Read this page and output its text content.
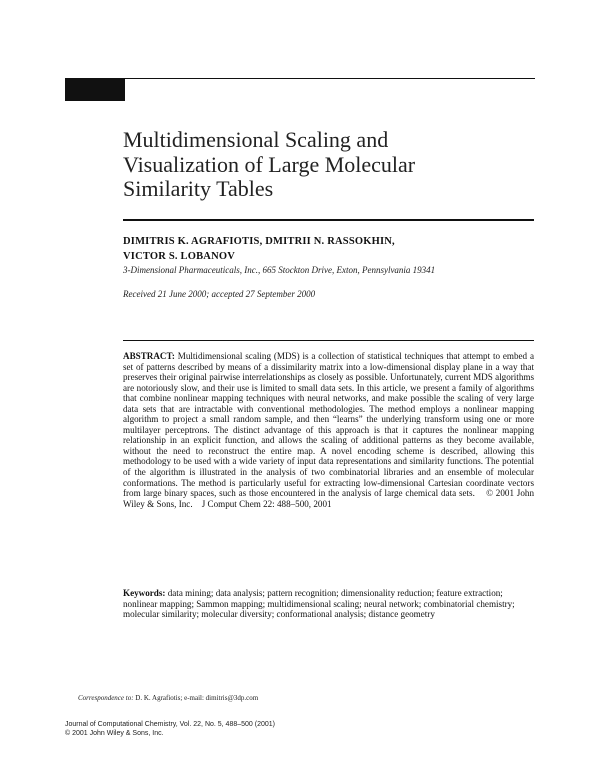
Multidimensional Scaling and
Visualization of Large Molecular
Similarity Tables
DIMITRIS K. AGRAFIOTIS, DMITRII N. RASSOKHIN,
VICTOR S. LOBANOV
3-Dimensional Pharmaceuticals, Inc., 665 Stockton Drive, Exton, Pennsylvania 19341
Received 21 June 2000; accepted 27 September 2000

ABSTRACT: Multidimensional scaling (MDS) is a collection of statistical techniques that attempt to embed a set of patterns described by means of a dissimilarity matrix into a low-dimensional display plane in a way that preserves their original pairwise interrelationships as closely as possible. Unfortunately, current MDS algorithms are notoriously slow, and their use is limited to small data sets. In this article, we present a family of algorithms that combine nonlinear mapping techniques with neural networks, and make possible the scaling of very large data sets that are intractable with conventional methodologies. The method employs a nonlinear mapping algorithm to project a small random sample, and then “learns” the underlying transform using one or more multilayer perceptrons. The distinct advantage of this approach is that it captures the nonlinear mapping relationship in an explicit function, and allows the scaling of additional patterns as they become available, without the need to reconstruct the entire map. A novel encoding scheme is described, allowing this methodology to be used with a wide variety of input data representations and similarity functions. The potential of the algorithm is illustrated in the analysis of two combinatorial libraries and an ensemble of molecular conformations. The method is particularly useful for extracting low-dimensional Cartesian coordinate vectors from large binary spaces, such as those encountered in the analysis of large chemical data sets. © 2001 John Wiley & Sons, Inc. J Comput Chem 22: 488–500, 2001

Keywords: data mining; data analysis; pattern recognition; dimensionality reduction; feature extraction; nonlinear mapping; Sammon mapping; multidimensional scaling; neural network; combinatorial chemistry; molecular similarity; molecular diversity; conformational analysis; distance geometry

Correspondence to: D. K. Agrafiotis; e-mail: dimitris@3dp.com
Journal of Computational Chemistry, Vol. 22, No. 5, 488–500 (2001)
© 2001 John Wiley & Sons, Inc.
